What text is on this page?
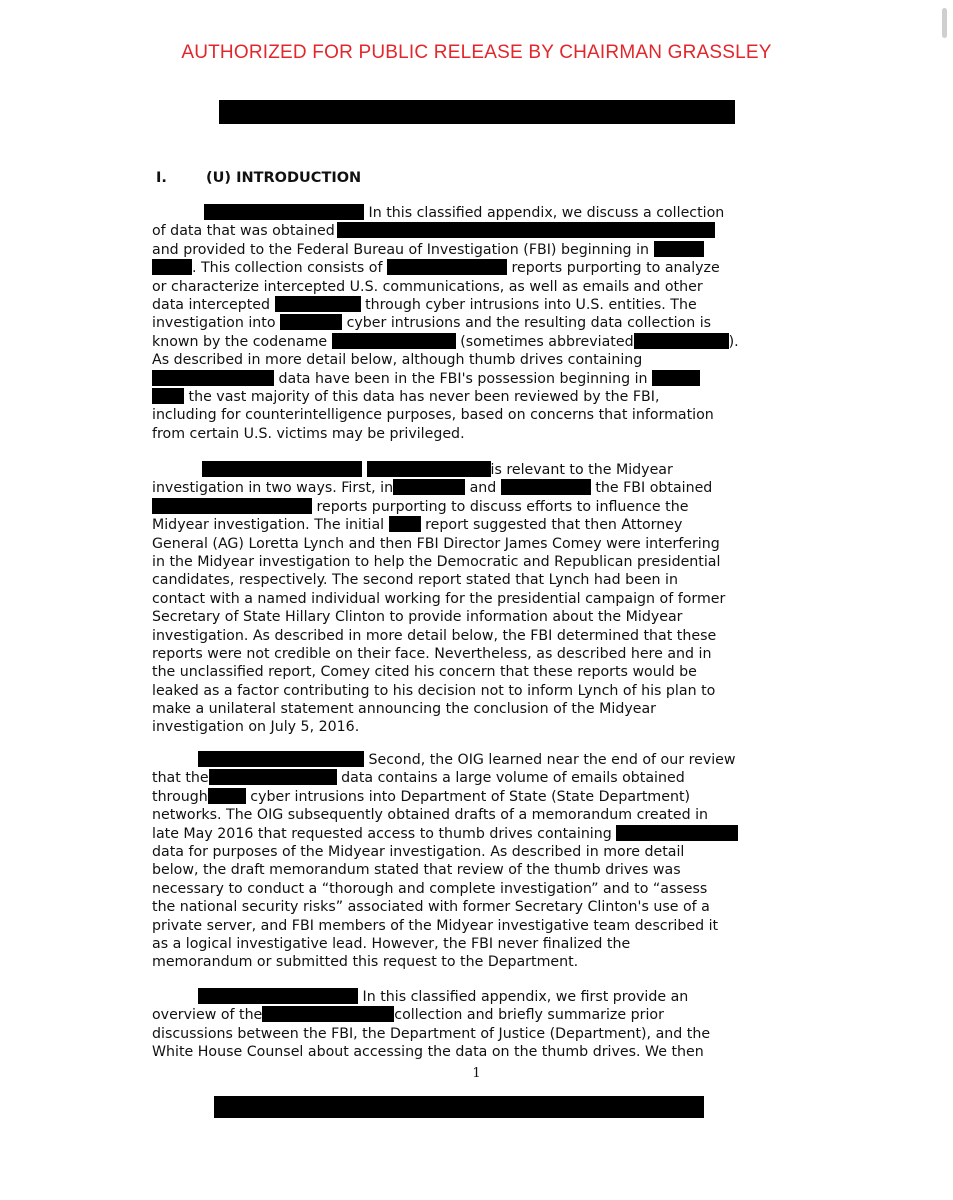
AUTHORIZED FOR PUBLIC RELEASE BY CHAIRMAN GRASSLEY
I.	(U) INTRODUCTION
In this classified appendix, we discuss a collection
of data that was obtained
and provided to the Federal Bureau of Investigation (FBI) beginning in
. This collection consists of	reports purporting to analyze
or characterize intercepted U.S. communications, as well as emails and other
data intercepted	through cyber intrusions into U.S. entities. The
investigation into	cyber intrusions and the resulting data collection is
known by the codename	(sometimes abbreviated	).
As described in more detail below, although thumb drives containing
data have been in the FBI's possession beginning in
the vast majority of this data has never been reviewed by the FBI,
including for counterintelligence purposes, based on concerns that information
from certain U.S. victims may be privileged.
is relevant to the Midyear
investigation in two ways. First, in	and	the FBI obtained
reports purporting to discuss efforts to influence the
Midyear investigation. The initial	report suggested that then Attorney
General (AG) Loretta Lynch and then FBI Director James Comey were interfering
in the Midyear investigation to help the Democratic and Republican presidential
candidates, respectively. The second report stated that Lynch had been in
contact with a named individual working for the presidential campaign of former
Secretary of State Hillary Clinton to provide information about the Midyear
investigation. As described in more detail below, the FBI determined that these
reports were not credible on their face. Nevertheless, as described here and in
the unclassified report, Comey cited his concern that these reports would be
leaked as a factor contributing to his decision not to inform Lynch of his plan to
make a unilateral statement announcing the conclusion of the Midyear
investigation on July 5, 2016.
Second, the OIG learned near the end of our review
that the	data contains a large volume of emails obtained
through	cyber intrusions into Department of State (State Department)
networks. The OIG subsequently obtained drafts of a memorandum created in
late May 2016 that requested access to thumb drives containing
data for purposes of the Midyear investigation. As described in more detail
below, the draft memorandum stated that review of the thumb drives was
necessary to conduct a “thorough and complete investigation” and to “assess
the national security risks” associated with former Secretary Clinton's use of a
private server, and FBI members of the Midyear investigative team described it
as a logical investigative lead. However, the FBI never finalized the
memorandum or submitted this request to the Department.
In this classified appendix, we first provide an
overview of the	collection and briefly summarize prior
discussions between the FBI, the Department of Justice (Department), and the
White House Counsel about accessing the data on the thumb drives. We then
1
